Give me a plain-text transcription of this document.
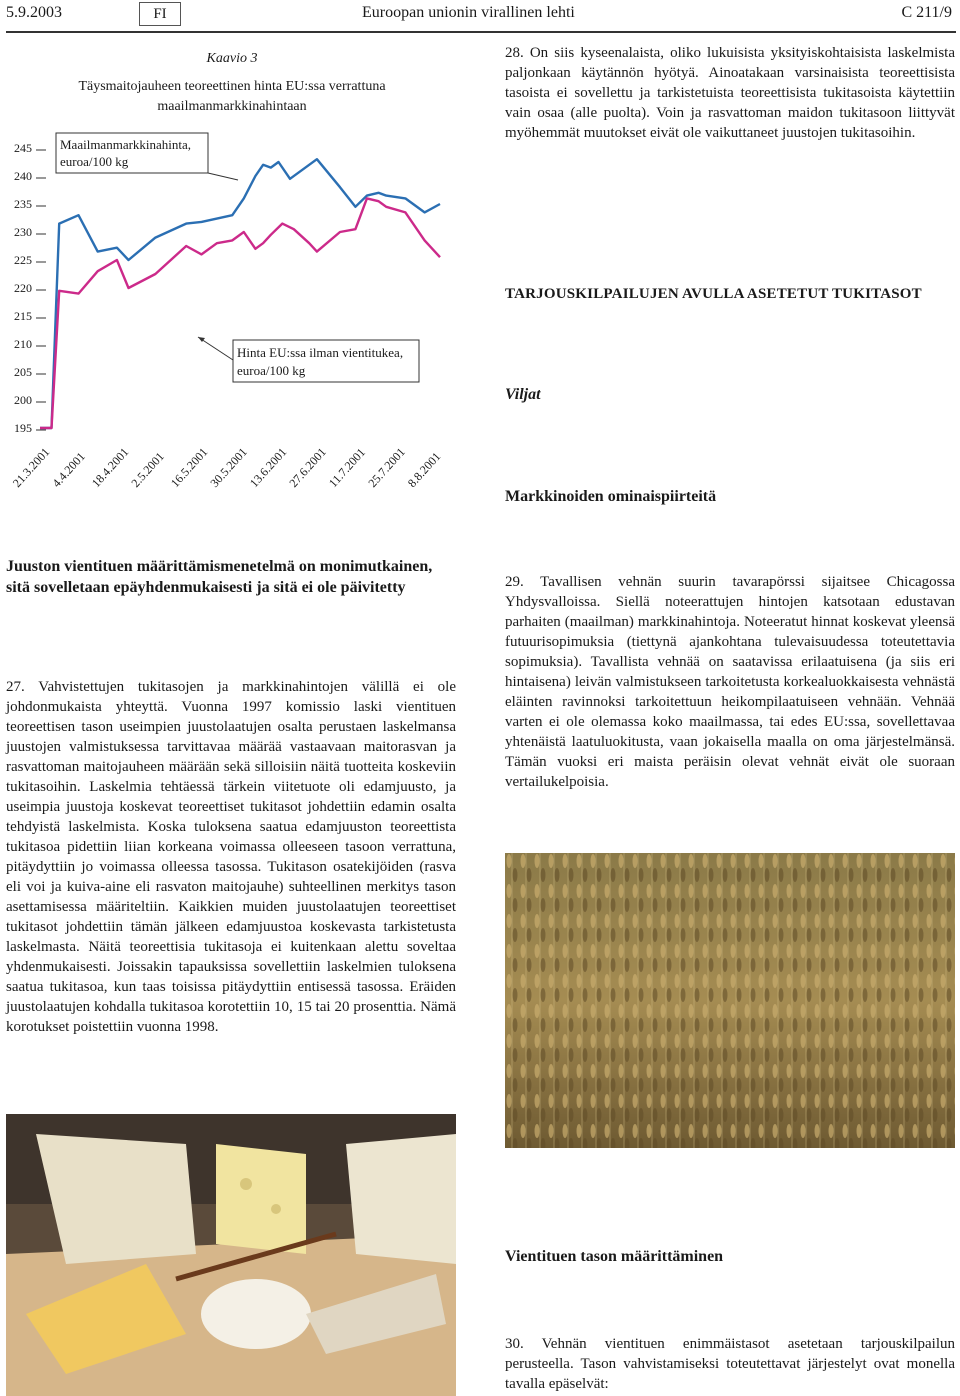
5.9.2003	FI	Euroopan unionin virallinen lehti	C 211/9
Kaavio 3
Täysmaitojauheen teoreettinen hinta EU:ssa verrattuna
maailmanmarkkinahintaan
245
240
235
230
225
220
215
210
205
200
195
21.3.2001
4.4.2001 18.4.2001
2.5.2001 16.5.2001
30.5.2001
13.6.2001
27.6.2001
11.7.2001
25.7.2001
8.8.2001
Maailmanmarkkinahinta,
euroa/100 kg
Hinta EU:ssa ilman vientitukea,
euroa/100 kg

28. On siis kyseenalaista, oliko lukuisista yksityiskohtaisista laskelmista paljonkaan käytännön hyötyä. Ainoatakaan varsinaisista teoreettisista tasoista ei sovellettu ja tarkistetuista teoreettisista tukitasoista käytettiin vain osaa (alle puolta). Voin ja rasvattoman maidon tukitasoon liittyvät myöhemmät muutokset eivät ole vaikuttaneet juustojen tukitasoihin.

TARJOUSKILPAILUJEN AVULLA ASETETUT TUKITASOT
Viljat
Markkinoiden ominaispiirteitä

Juuston vientituen määrittämismenetelmä on monimutkainen, sitä sovelletaan epäyhdenmukaisesti ja sitä ei ole päivitetty

27. Vahvistettujen tukitasojen ja markkinahintojen välillä ei ole johdonmukaista yhteyttä. Vuonna 1997 komissio laski vientituen teoreettisen tason useimpien juustolaatujen osalta perustaen laskelmansa juustojen valmistuksessa tarvittavaa määrää vastaavaan maitorasvan ja rasvattoman maitojauheen määrään sekä silloisiin näitä tuotteita koskeviin tukitasoihin. Laskelmia tehtäessä tärkein viitetuote oli edamjuusto, ja useimpia juustoja koskevat teoreettiset tukitasot johdettiin edamin osalta tehdyistä laskelmista. Koska tuloksena saatua edamjuuston teoreettista tukitasoa pidettiin liian korkeana voimassa olleeseen tasoon verrattuna, pitäydyttiin jo voimassa olleessa tasossa. Tukitason osatekijöiden (rasva eli voi ja kuiva-aine eli rasvaton maitojauhe) suhteellinen merkitys tason asettamisessa määriteltiin. Kaikkien muiden juustolaatujen teoreettiset tukitasot johdettiin tämän jälkeen edamjuustoa koskevasta tarkistetusta laskelmasta. Näitä teoreettisia tukitasoja ei kuitenkaan alettu soveltaa yhdenmukaisesti. Joissakin tapauksissa sovellettiin laskelmien tuloksena saatua tukitasoa, kun taas toisissa pitäydyttiin entisessä tasossa. Eräiden juustolaatujen kohdalla tukitasoa korotettiin 10, 15 tai 20 prosenttia. Nämä korotukset poistettiin vuonna 1998.

29. Tavallisen vehnän suurin tavarapörssi sijaitsee Chicagossa Yhdysvalloissa. Siellä noteerattujen hintojen katsotaan edustavan parhaiten (maailman) markkinahintoja. Noteeratut hinnat koskevat yleensä futuurisopimuksia (tiettynä ajankohtana tulevaisuudessa toteutettavia sopimuksia). Tavallista vehnää on saatavissa erilaatuisena (ja siis eri hintaisena) leivän valmistukseen tarkoitetusta korkealuokkaisesta vehnästä eläinten ravinnoksi tarkoitettuun heikompilaatuiseen vehnään. Vehnää varten ei ole olemassa koko maailmassa, tai edes EU:ssa, sovellettavaa yhtenäistä laatuluokitusta, vaan jokaisella maalla on oma järjestelmänsä. Tämän vuoksi eri maista peräisin olevat vehnät eivät ole suoraan vertailukelpoisia.

Vientituen tason määrittäminen

30. Vehnän vientituen enimmäistasot asetetaan tarjouskilpailun perusteella. Tason vahvistamiseksi toteutettavat järjestelyt ovat monella tavalla epäselvät:
